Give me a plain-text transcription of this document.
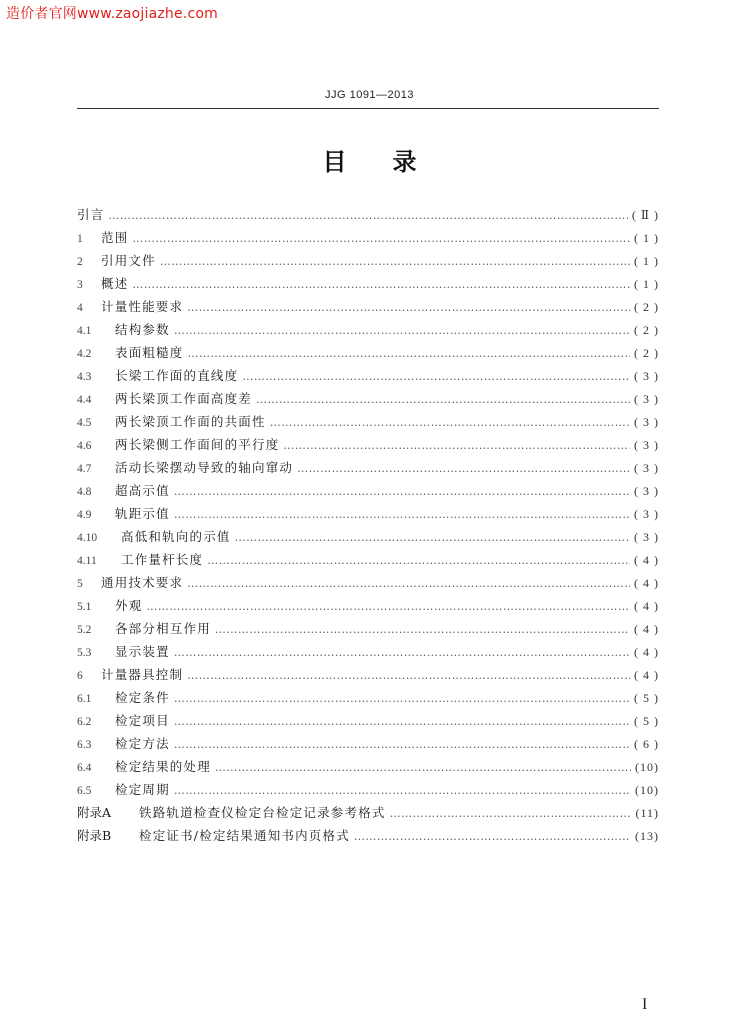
造价者官网www.zaojiazhe.com
JJG 1091—2013
目录
引言 …………………………………………………………………………………………………………………………………………………………………………	( Ⅱ )
1	范围 …………………………………………………………………………………………………………………………………………………………………………	( 1 )
2	引用文件 …………………………………………………………………………………………………………………………………………………………………………	( 1 )
3	概述 …………………………………………………………………………………………………………………………………………………………………………	( 1 )
4	计量性能要求 …………………………………………………………………………………………………………………………………………………………………………	( 2 )
4.1	结构参数 …………………………………………………………………………………………………………………………………………………………………………	( 2 )
4.2	表面粗糙度 …………………………………………………………………………………………………………………………………………………………………………	( 2 )
4.3	长梁工作面的直线度 …………………………………………………………………………………………………………………………………………………………………………	( 3 )
4.4	两长梁顶工作面高度差 …………………………………………………………………………………………………………………………………………………………………………	( 3 )
4.5	两长梁顶工作面的共面性 …………………………………………………………………………………………………………………………………………………………………………	( 3 )
4.6	两长梁侧工作面间的平行度 …………………………………………………………………………………………………………………………………………………………………………	( 3 )
4.7	活动长梁摆动导致的轴向窜动 …………………………………………………………………………………………………………………………………………………………………………	( 3 )
4.8	超高示值 …………………………………………………………………………………………………………………………………………………………………………	( 3 )
4.9	轨距示值 …………………………………………………………………………………………………………………………………………………………………………	( 3 )
4.10	高低和轨向的示值 …………………………………………………………………………………………………………………………………………………………………………	( 3 )
4.11	工作量杆长度 …………………………………………………………………………………………………………………………………………………………………………	( 4 )
5	通用技术要求 …………………………………………………………………………………………………………………………………………………………………………	( 4 )
5.1	外观 …………………………………………………………………………………………………………………………………………………………………………	( 4 )
5.2	各部分相互作用 …………………………………………………………………………………………………………………………………………………………………………	( 4 )
5.3	显示装置 …………………………………………………………………………………………………………………………………………………………………………	( 4 )
6	计量器具控制 …………………………………………………………………………………………………………………………………………………………………………	( 4 )
6.1	检定条件 …………………………………………………………………………………………………………………………………………………………………………	( 5 )
6.2	检定项目 …………………………………………………………………………………………………………………………………………………………………………	( 5 )
6.3	检定方法 …………………………………………………………………………………………………………………………………………………………………………	( 6 )
6.4	检定结果的处理 …………………………………………………………………………………………………………………………………………………………………………	(10)
6.5	检定周期 …………………………………………………………………………………………………………………………………………………………………………	(10)
附录A	铁路轨道检查仪检定台检定记录参考格式 …………………………………………………………………………………………………………………………………………………………………………	(11)
附录B	检定证书/检定结果通知书内页格式 …………………………………………………………………………………………………………………………………………………………………………	(13)
I
